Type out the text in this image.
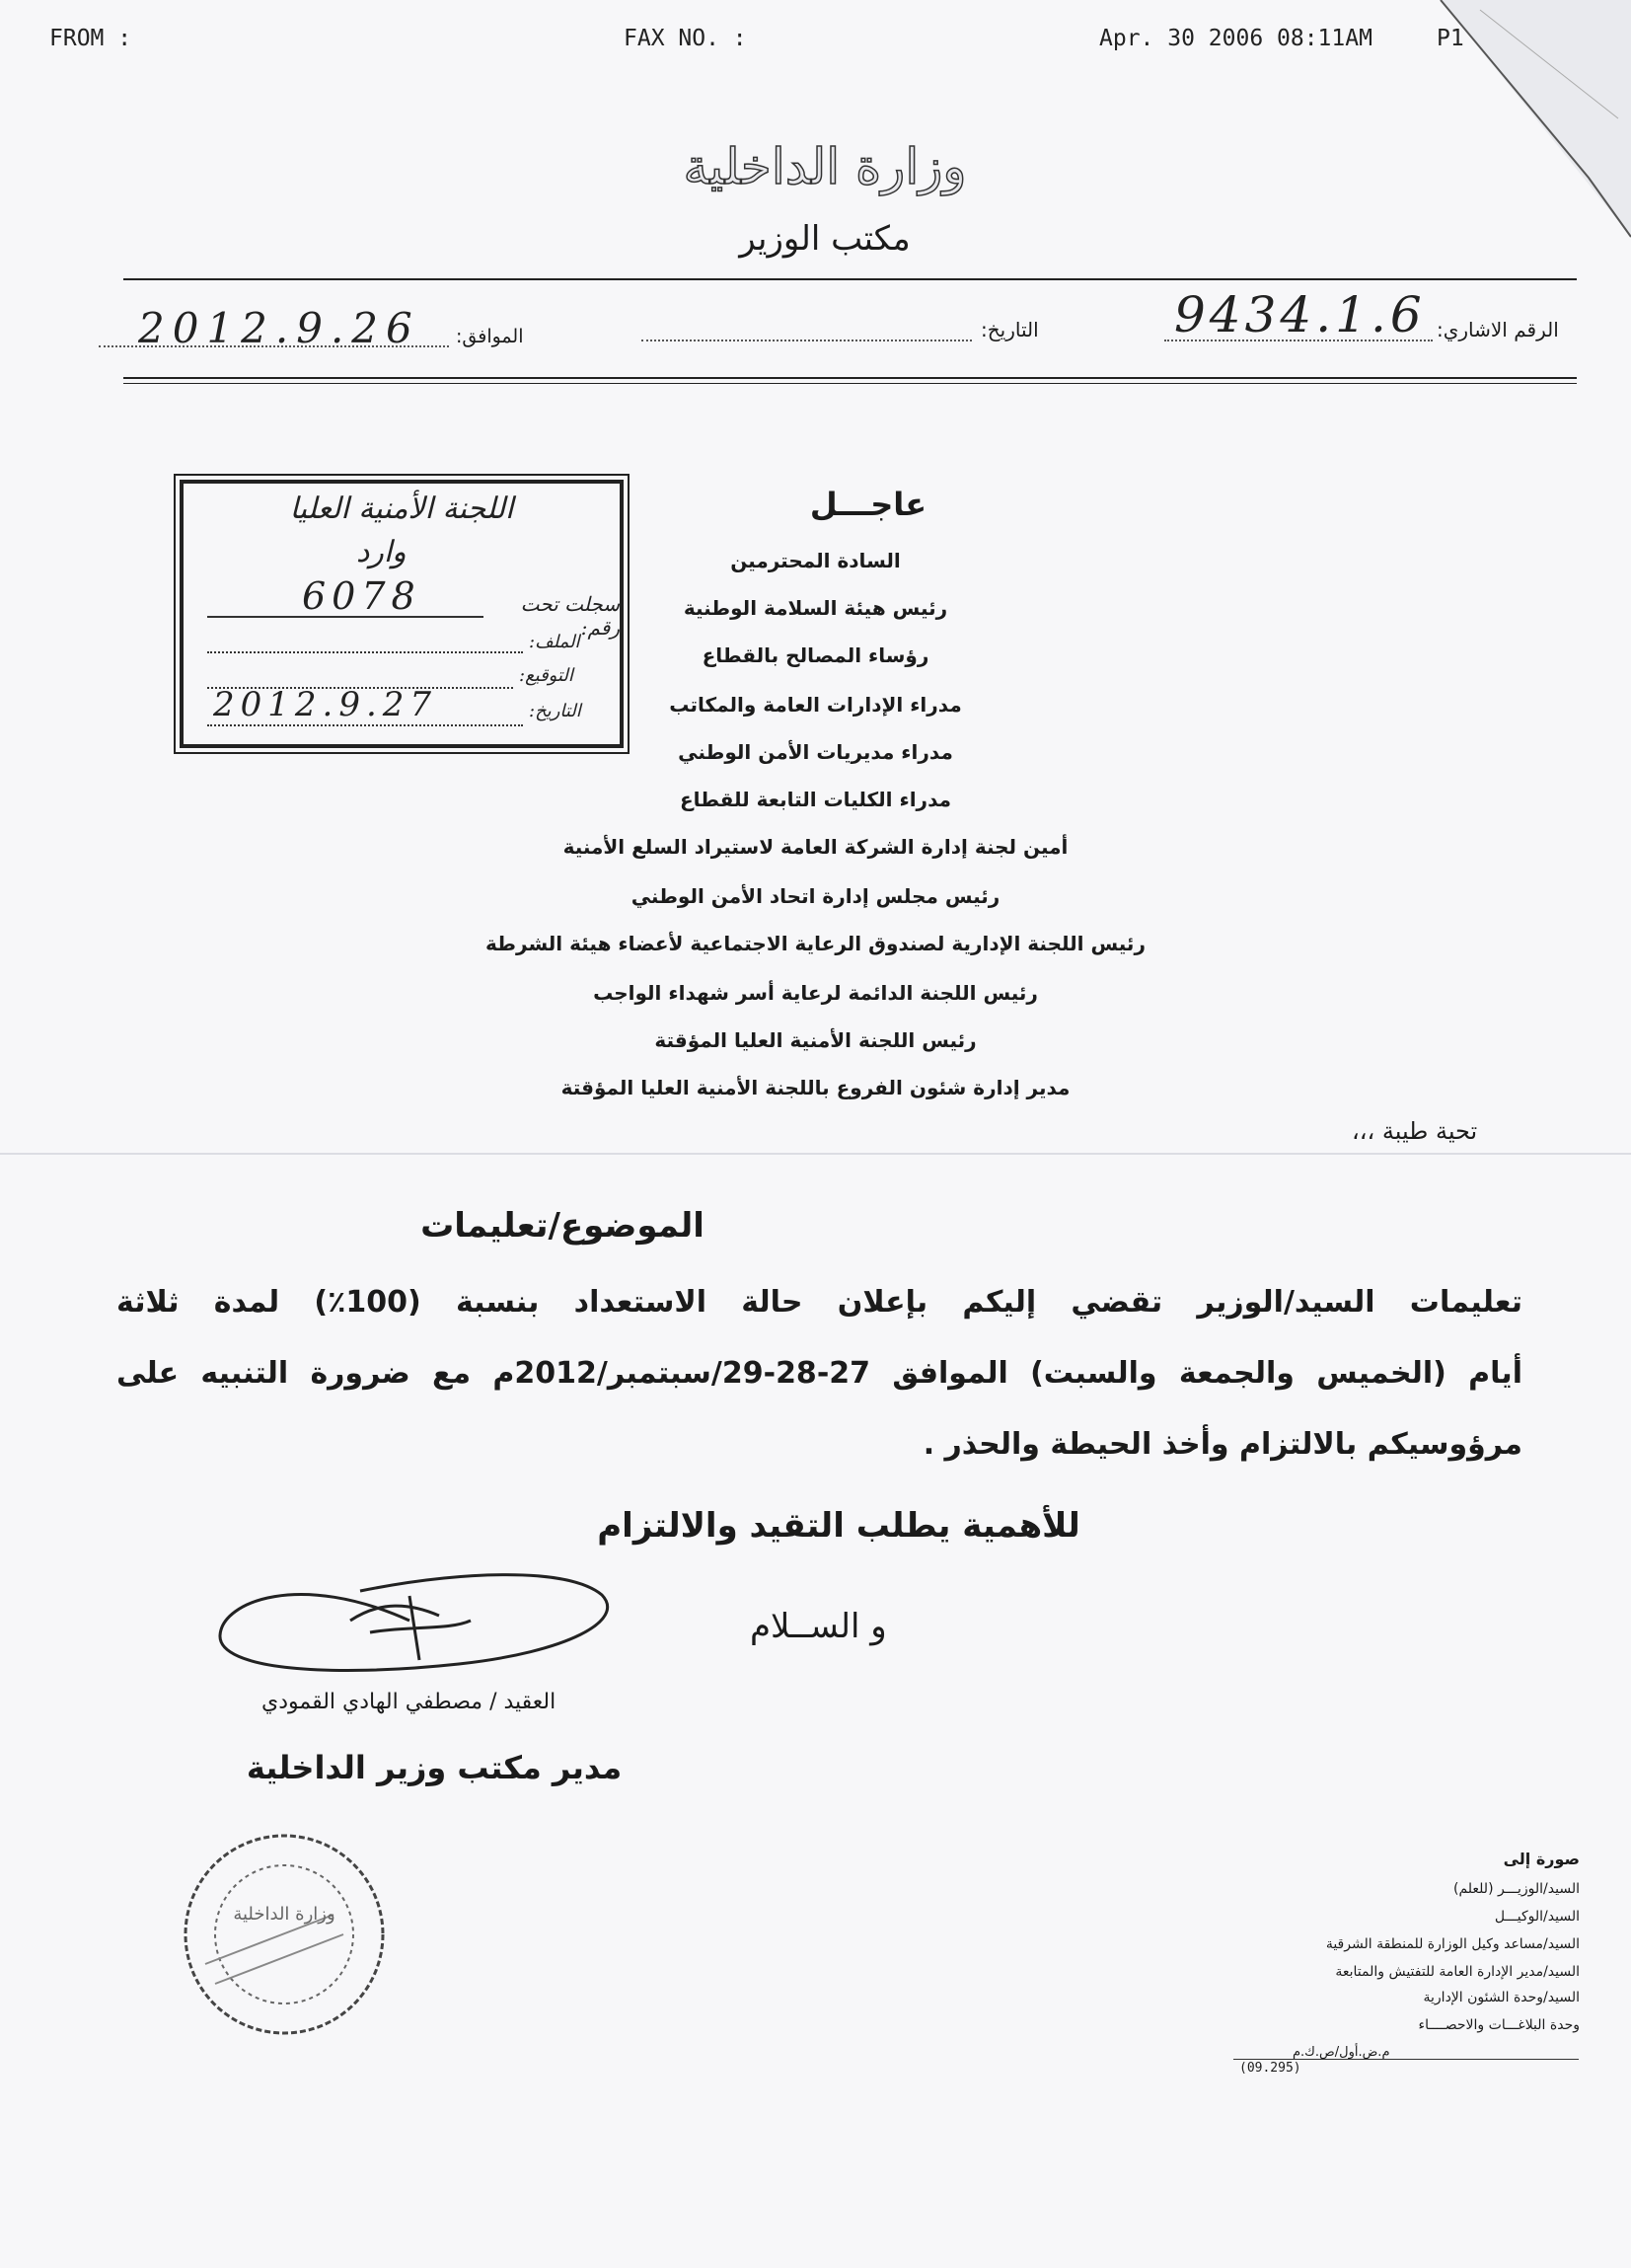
FROM :	FAX NO. :	Apr. 30 2006 08:11AM	P1
وزارة الداخلية
مكتب الوزير
الرقم الاشاري:
9434.1.6
التاريخ:
الموافق:
2012.9.26
اللجنة الأمنية العليا
وارد
سجلت تحت رقم:
6078
الملف:
التوقيع:
التاريخ:
2012.9.27
عاجـــل
السادة المحترمين
رئيس هيئة السلامة الوطنية
رؤساء المصالح بالقطاع
مدراء الإدارات العامة والمكاتب
مدراء مديريات الأمن الوطني
مدراء الكليات التابعة للقطاع
أمين لجنة إدارة الشركة العامة لاستيراد السلع الأمنية
رئيس مجلس إدارة اتحاد الأمن الوطني
رئيس اللجنة الإدارية لصندوق الرعاية الاجتماعية لأعضاء هيئة الشرطة
رئيس اللجنة الدائمة لرعاية أسر شهداء الواجب
رئيس اللجنة الأمنية العليا المؤقتة
مدير إدارة شئون الفروع باللجنة الأمنية العليا المؤقتة
تحية طيبة ،،،
الموضوع/تعليمات
تعليمات السيد/الوزير تقضي إليكم بإعلان حالة الاستعداد بنسبة (100٪) لمدة ثلاثة
أيام (الخميس والجمعة والسبت) الموافق 27-28-29/سبتمبر/2012م مع ضرورة التنبيه على
مرؤوسيكم بالالتزام وأخذ الحيطة والحذر .
للأهمية يطلب التقيد والالتزام
و الســلام
العقيد / مصطفي الهادي القمودي
مدير مكتب وزير الداخلية
وزارة الداخلية
صورة إلى
السيد/الوزيـــر (للعلم)
السيد/الوكيـــل
السيد/مساعد وكيل الوزارة للمنطقة الشرقية
السيد/مدير الإدارة العامة للتفتيش والمتابعة
السيد/وحدة الشئون الإدارية
وحدة البلاغـــات والاحصــــاء
م.ض.أول/ص.ك.م
(09.295)
